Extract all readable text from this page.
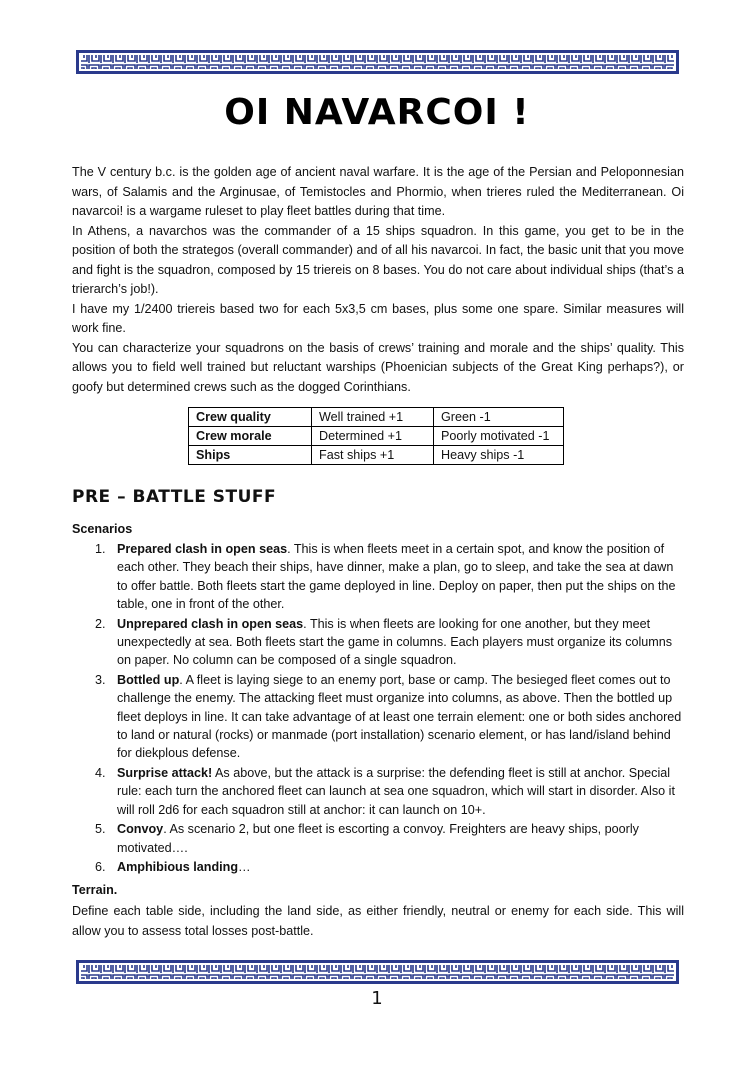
OI NAVARCOI !

The V century b.c. is the golden age of ancient naval warfare. It is the age of the Persian and Peloponnesian wars, of Salamis and the Arginusae, of Temistocles and Phormio, when trieres ruled the Mediterranean. Oi navarcoi! is a wargame ruleset to play fleet battles during that time.

In Athens, a navarchos was the commander of a 15 ships squadron. In this game, you get to be in the position of both the strategos (overall commander) and of all his navarcoi. In fact, the basic unit that you move and fight is the squadron, composed by 15 triereis on 8 bases. You do not care about individual ships (that’s a trierarch’s job!).

I have my 1/2400 triereis based two for each 5x3,5 cm bases, plus some one spare. Similar measures will work fine.

You can characterize your squadrons on the basis of crews’ training and morale and the ships’ quality. This allows you to field well trained but reluctant warships (Phoenician subjects of the Great King perhaps?), or goofy but determined crews such as the dogged Corinthians.

Crew quality	Well trained +1	Green -1
Crew morale	Determined +1	Poorly motivated -1
Ships	Fast ships +1	Heavy ships -1
PRE – BATTLE STUFF
Scenarios
1. Prepared clash in open seas. This is when fleets meet in a certain spot, and know the position of each other. They beach their ships, have dinner, make a plan, go to sleep, and take the sea at dawn to offer battle. Both fleets start the game deployed in line. Deploy on paper, then put the ships on the table, one in front of the other.
2. Unprepared clash in open seas. This is when fleets are looking for one another, but they meet unexpectedly at sea. Both fleets start the game in columns. Each players must organize its columns on paper. No column can be composed of a single squadron.
3. Bottled up. A fleet is laying siege to an enemy port, base or camp. The besieged fleet comes out to challenge the enemy. The attacking fleet must organize into columns, as above. Then the bottled up fleet deploys in line. It can take advantage of at least one terrain element: one or both sides anchored to land or natural (rocks) or manmade (port installation) scenario element, or has land/island behind for diekplous defense.
4. Surprise attack! As above, but the attack is a surprise: the defending fleet is still at anchor. Special rule: each turn the anchored fleet can launch at sea one squadron, which will start in disorder. Also it will roll 2d6 for each squadron still at anchor: it can launch on 10+.
5. Convoy. As scenario 2, but one fleet is escorting a convoy. Freighters are heavy ships, poorly motivated….
6. Amphibious landing…
Terrain.
Define each table side, including the land side, as either friendly, neutral or enemy for each side. This will allow you to assess total losses post-battle.
1
